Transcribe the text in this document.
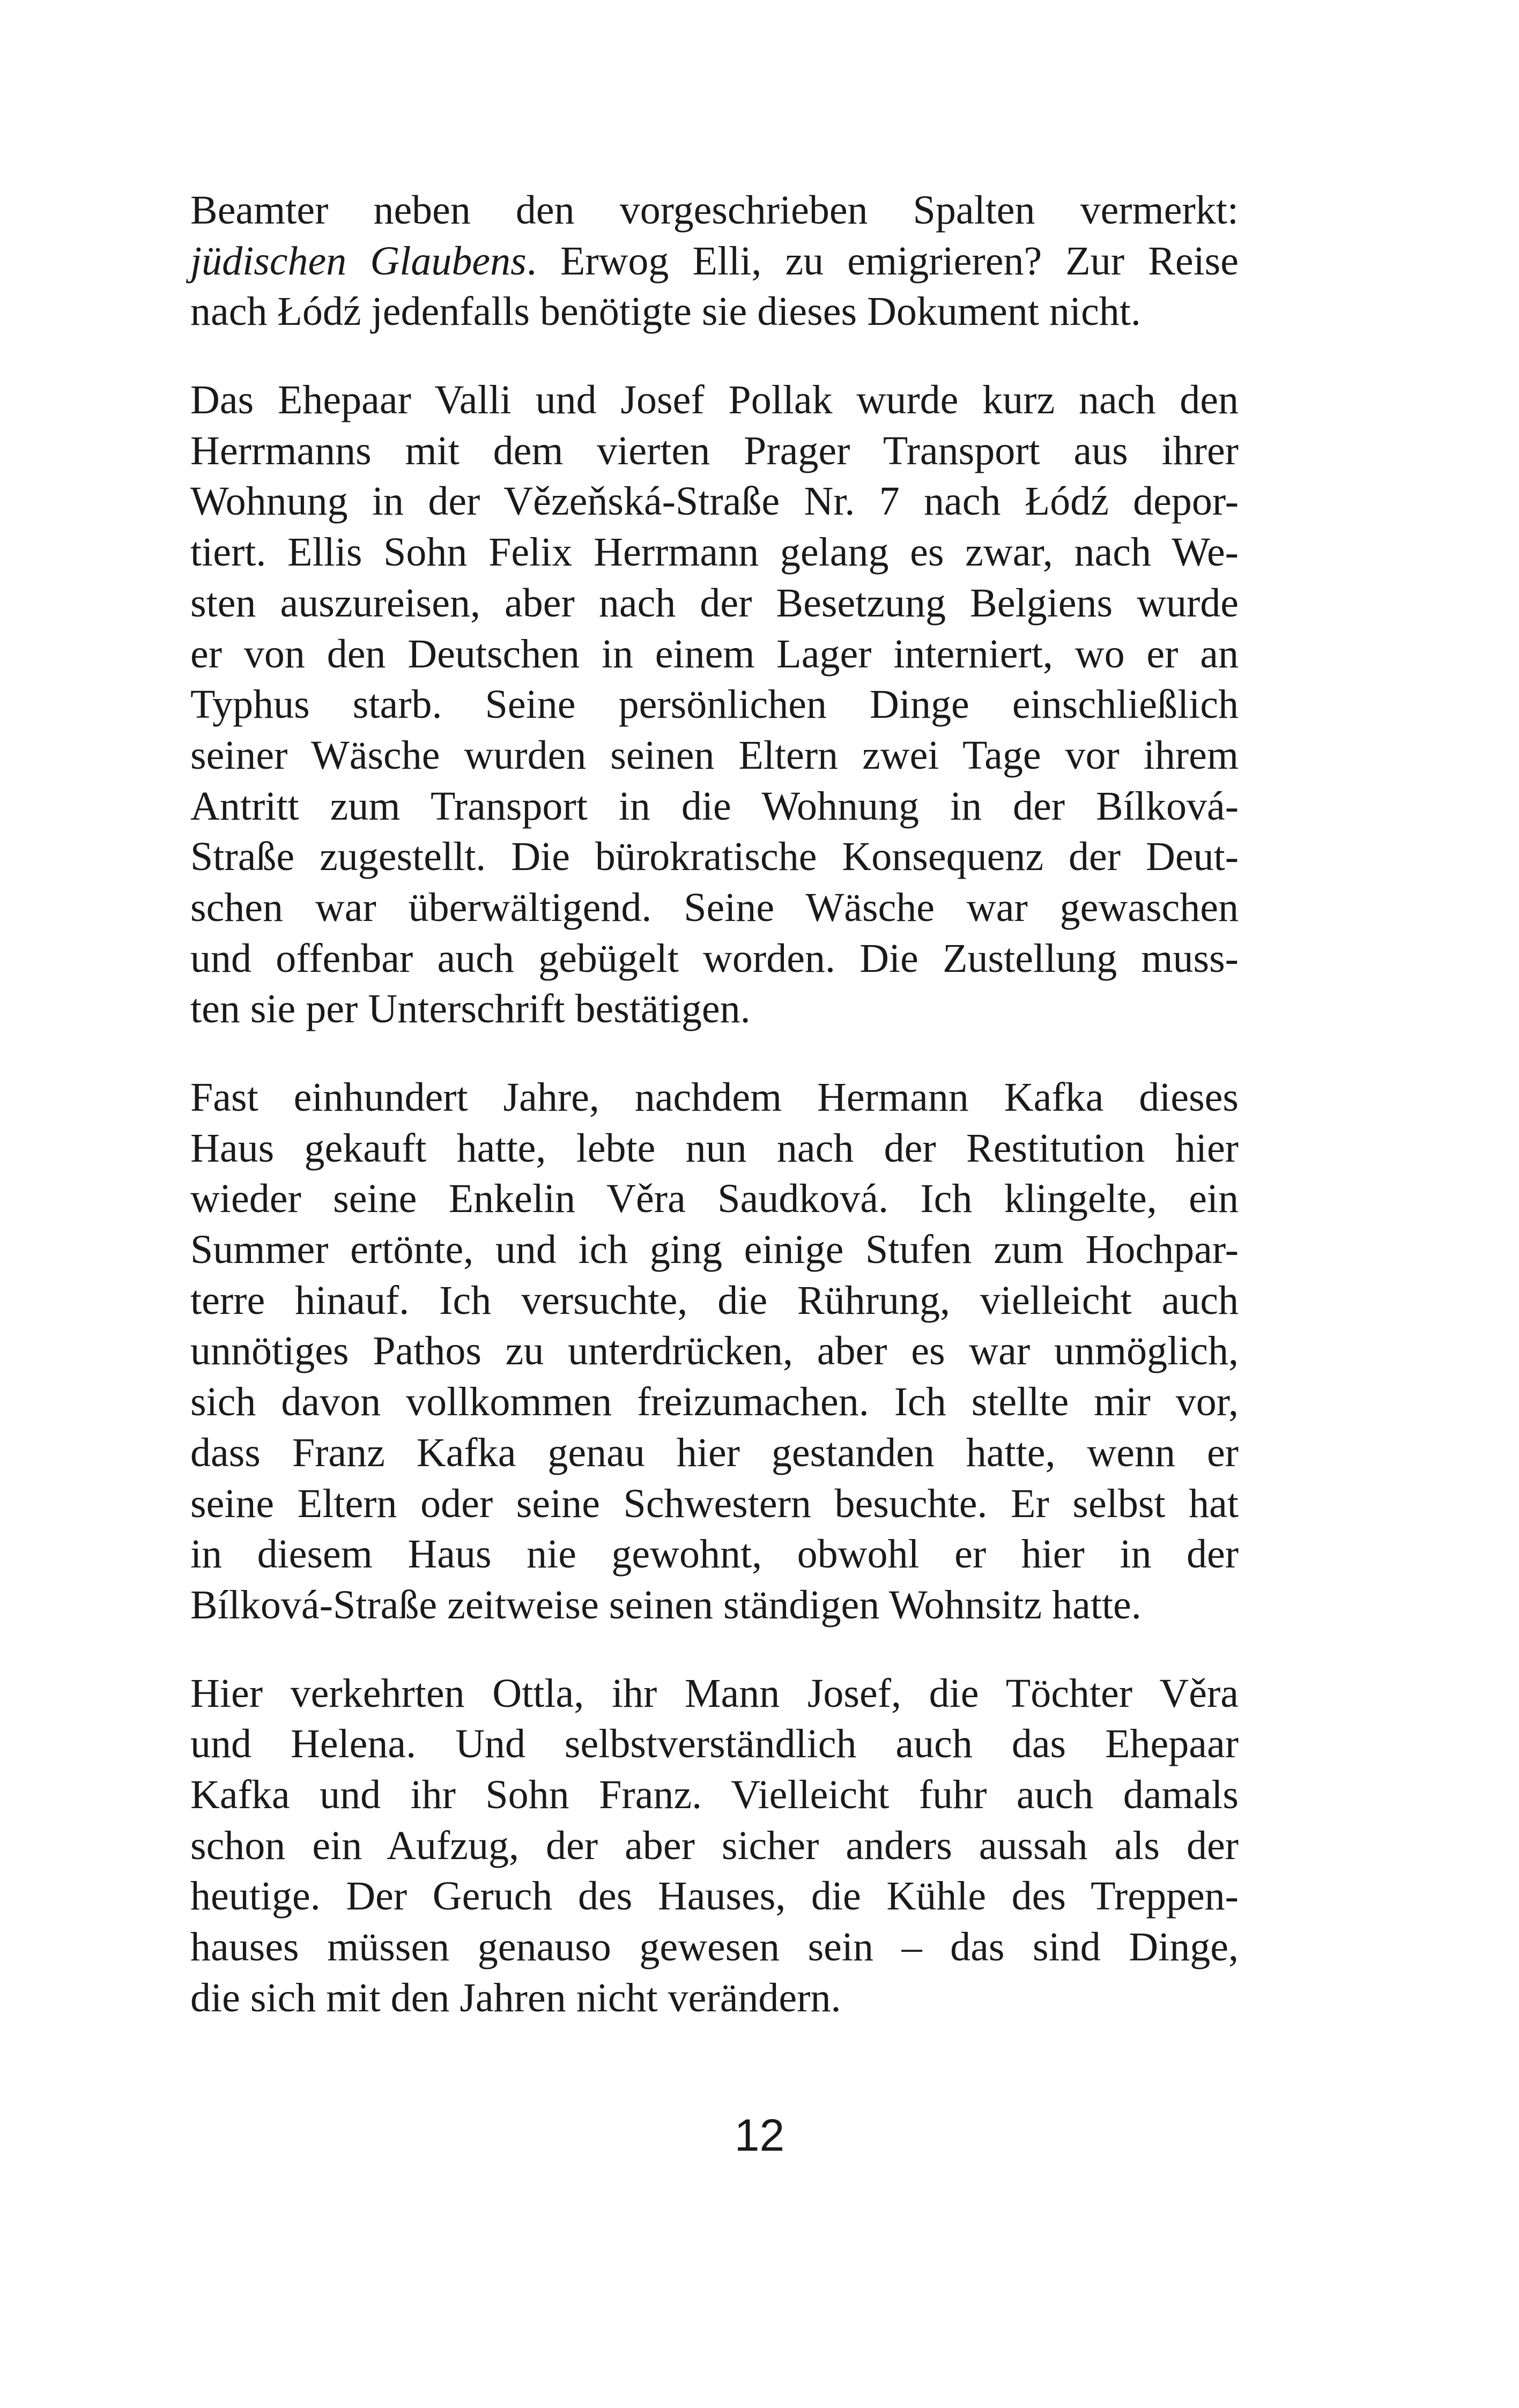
Beamter neben den vorgeschrieben Spalten vermerkt:
jüdischen Glaubens. Erwog Elli, zu emigrieren? Zur Reise
nach Łódź jedenfalls benötigte sie dieses Dokument nicht.
Das Ehepaar Valli und Josef Pollak wurde kurz nach den
Herrmanns mit dem vierten Prager Transport aus ihrer
Wohnung in der Vězeňská-Straße Nr. 7 nach Łódź depor-
tiert. Ellis Sohn Felix Herrmann gelang es zwar, nach We-
sten auszureisen, aber nach der Besetzung Belgiens wurde
er von den Deutschen in einem Lager interniert, wo er an
Typhus starb. Seine persönlichen Dinge einschließlich
seiner Wäsche wurden seinen Eltern zwei Tage vor ihrem
Antritt zum Transport in die Wohnung in der Bílková-
Straße zugestellt. Die bürokratische Konsequenz der Deut-
schen war überwältigend. Seine Wäsche war gewaschen
und offenbar auch gebügelt worden. Die Zustellung muss-
ten sie per Unterschrift bestätigen.
Fast einhundert Jahre, nachdem Hermann Kafka dieses
Haus gekauft hatte, lebte nun nach der Restitution hier
wieder seine Enkelin Věra Saudková. Ich klingelte, ein
Summer ertönte, und ich ging einige Stufen zum Hochpar-
terre hinauf. Ich versuchte, die Rührung, vielleicht auch
unnötiges Pathos zu unterdrücken, aber es war unmöglich,
sich davon vollkommen freizumachen. Ich stellte mir vor,
dass Franz Kafka genau hier gestanden hatte, wenn er
seine Eltern oder seine Schwestern besuchte. Er selbst hat
in diesem Haus nie gewohnt, obwohl er hier in der
Bílková-Straße zeitweise seinen ständigen Wohnsitz hatte.
Hier verkehrten Ottla, ihr Mann Josef, die Töchter Věra
und Helena. Und selbstverständlich auch das Ehepaar
Kafka und ihr Sohn Franz. Vielleicht fuhr auch damals
schon ein Aufzug, der aber sicher anders aussah als der
heutige. Der Geruch des Hauses, die Kühle des Treppen-
hauses müssen genauso gewesen sein – das sind Dinge,
die sich mit den Jahren nicht verändern.
12
